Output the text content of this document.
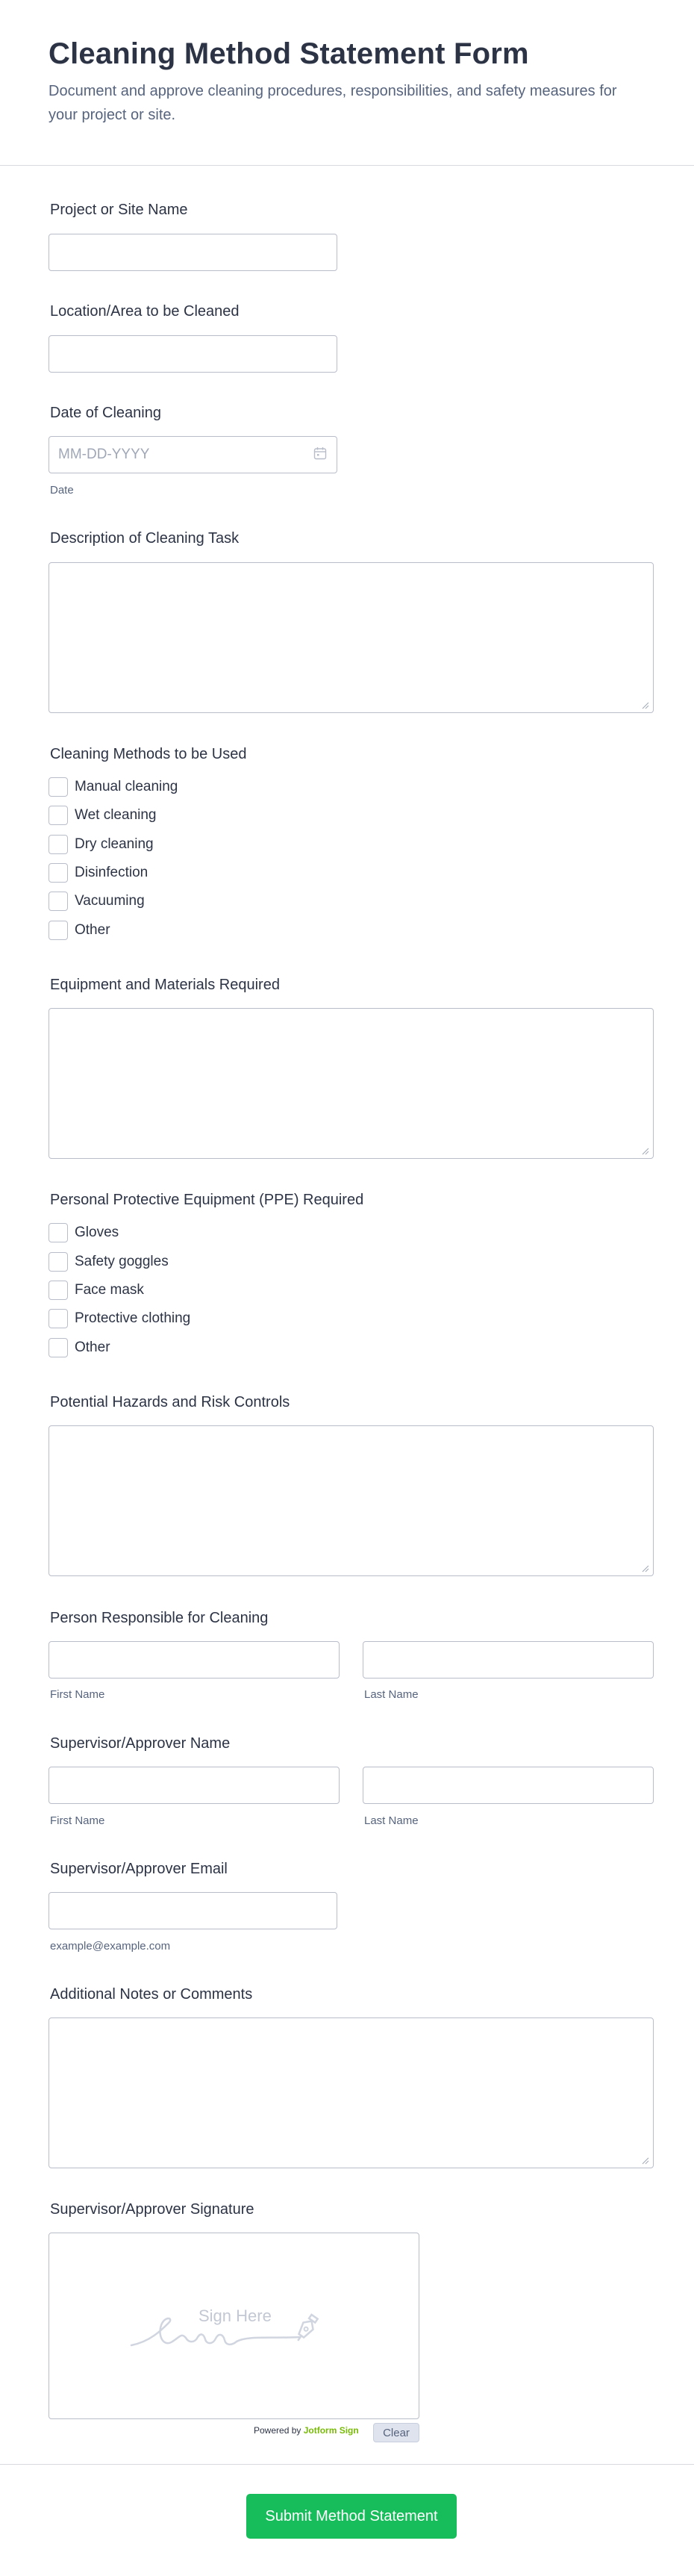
Cleaning Method Statement Form

Document and approve cleaning procedures, responsibilities, and safety measures for your project or site.

Project or Site Name
Location/Area to be Cleaned
Date of Cleaning
MM-DD-YYYY
Date
Description of Cleaning Task
Cleaning Methods to be Used
Manual cleaning
Wet cleaning
Dry cleaning
Disinfection
Vacuuming
Other
Equipment and Materials Required
Personal Protective Equipment (PPE) Required
Gloves
Safety goggles
Face mask
Protective clothing
Other
Potential Hazards and Risk Controls
Person Responsible for Cleaning
First Name	Last Name
Supervisor/Approver Name
First Name	Last Name
Supervisor/Approver Email
example@example.com
Additional Notes or Comments
Supervisor/Approver Signature
Sign Here
Powered by Jotform Sign	Clear
Submit Method Statement
